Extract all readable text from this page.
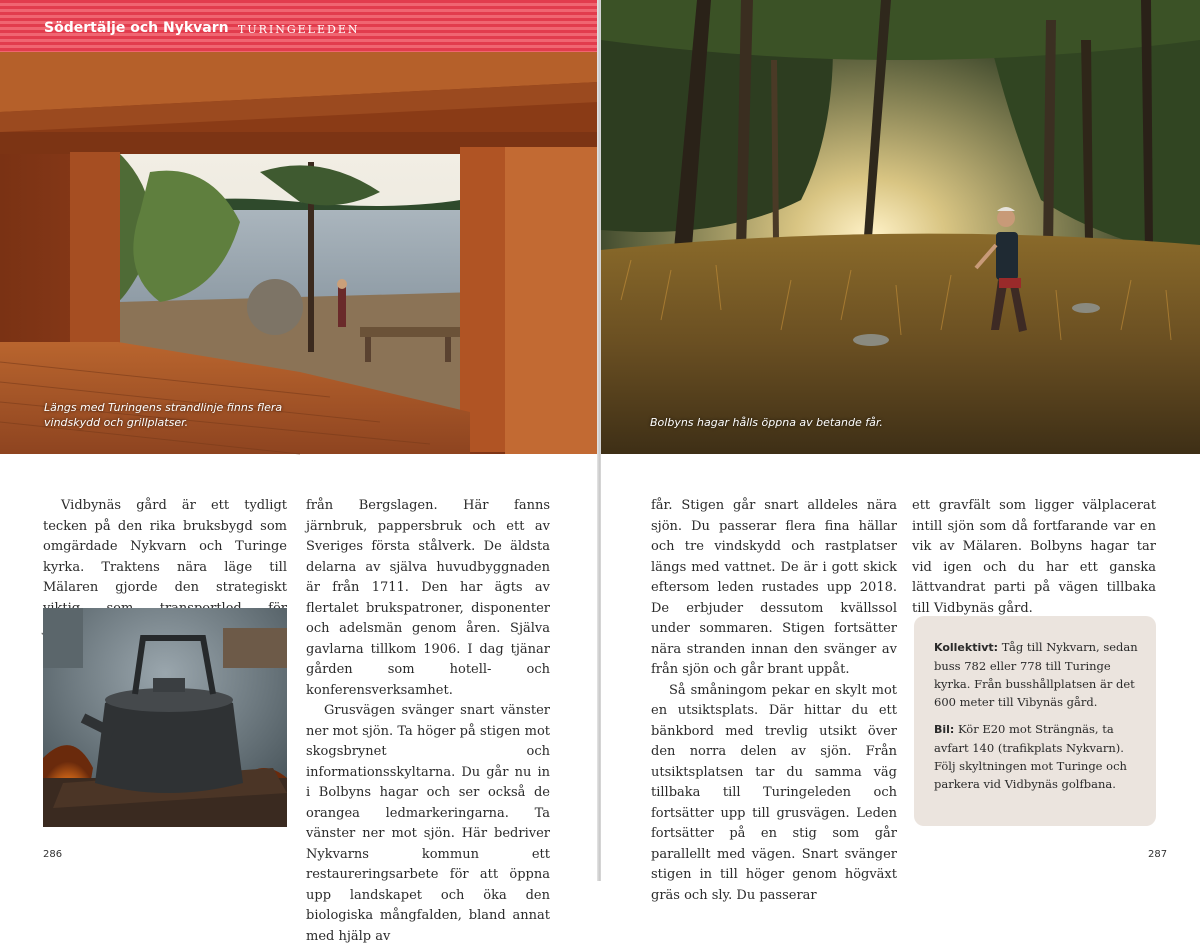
Södertälje och Nykvarn TURINGELEDEN
Längs med Turingens strandlinje finns flera vindskydd och grillplatser.

Vidbynäs gård är ett tydligt tecken på den rika bruksbygd som omgärdade Nykvarn och Turinge kyrka. Traktens nära läge till Mälaren gjorde den strategiskt

från Bergslagen. Här fanns järnbruk, pappersbruk och ett av Sveriges första stålverk. De äldsta delarna av själva huvudbyggnaden är från 1711. Den har ägts av flertalet brukspatroner, disponenter och adelsmän genom åren. Själva gavlarna tillkom 1906. I dag tjänar gården som hotell- och konferensverksamhet.

Grusvägen svänger snart vänster ner mot sjön. Ta höger på stigen mot skogsbrynet och informationsskyltarna. Du går nu in i Bolbyns hagar och ser också de orangea ledmarkeringarna. Ta vänster ner mot sjön. Här bedriver Nykvarns kommun ett restaureringsarbete för att öppna upp landskapet och öka den biologiska mångfalden, bland annat med hjälp av

286
Bolbyns hagar hålls öppna av betande får.

får. Stigen går snart alldeles nära sjön. Du passerar flera fina hällar och tre vindskydd och rastplatser längs med vattnet. De är i gott skick eftersom leden rustades upp 2018. De erbjuder dessutom kvällssol under sommaren. Stigen fortsätter nära stranden innan den svänger av från sjön och går brant uppåt.

Så småningom pekar en skylt mot en utsiktsplats. Där hittar du ett bänkbord med trevlig utsikt över den norra delen av sjön. Från utsiktsplatsen tar du samma väg tillbaka till Turingeleden och fortsätter upp till grusvägen. Leden fortsätter på en stig som går parallellt med vägen. Snart svänger stigen in till höger genom högväxt gräs och sly. Du passerar

ett gravfält som ligger välplacerat intill sjön som då fortfarande var en vik av Mälaren. Bolbyns hagar tar vid igen och du har ett ganska lättvandrat parti på vägen tillbaka till Vidbynäs gård.

Kollektivt: Tåg till Nykvarn, sedan buss 782 eller 778 till Turinge kyrka. Från busshållplatsen är det 600 meter till Vibynäs gård.

Bil: Kör E20 mot Strängnäs, ta avfart 140 (trafikplats Nykvarn). Följ skyltningen mot Turinge och parkera vid Vidbynäs golfbana.

287
